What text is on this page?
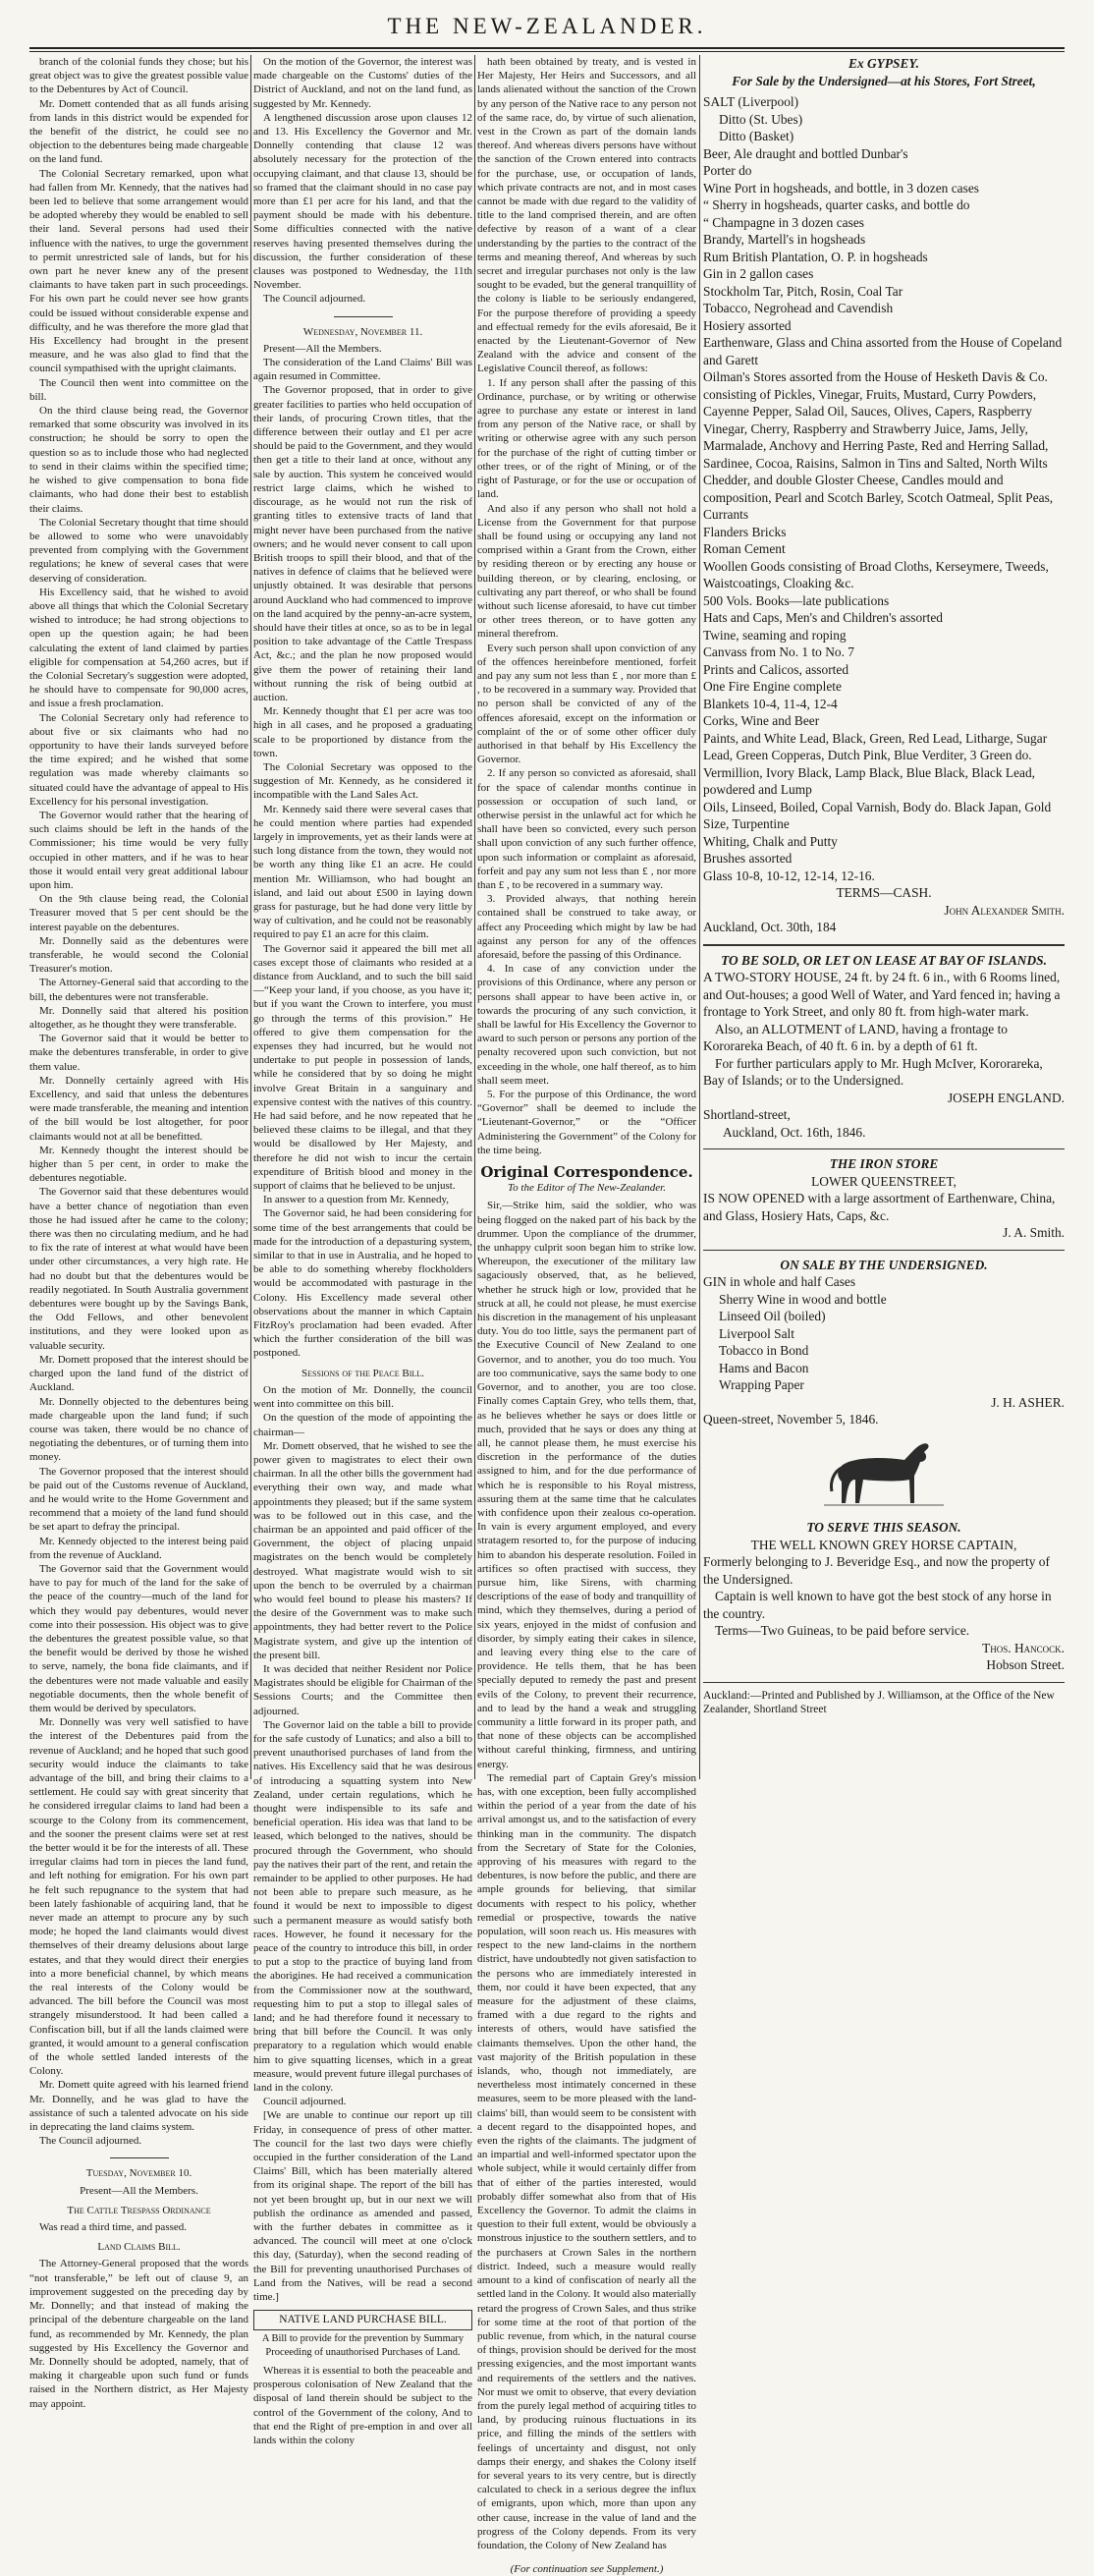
THE NEW-ZEALANDER.

branch of the colonial funds they chose; but his great object was to give the greatest possible value to the Debentures by Act of Council.

Mr. Domett contended that as all funds arising from lands in this district would be expended for the benefit of the district, he could see no objection to the debentures being made chargeable on the land fund.

The Colonial Secretary remarked, upon what had fallen from Mr. Kennedy, that the natives had been led to believe that some arrangement would be adopted whereby they would be enabled to sell their land. Several persons had used their influence with the natives, to urge the government to permit unrestricted sale of lands, but for his own part he never knew any of the present claimants to have taken part in such proceedings. For his own part he could never see how grants could be issued without considerable expense and difficulty, and he was therefore the more glad that His Excellency had brought in the present measure, and he was also glad to find that the council sympathised with the upright claimants.

The Council then went into committee on the bill.

On the third clause being read, the Governor remarked that some obscurity was involved in its construction; he should be sorry to open the question so as to include those who had neglected to send in their claims within the specified time; he wished to give compensation to bona fide claimants, who had done their best to establish their claims.

The Colonial Secretary thought that time should be allowed to some who were unavoidably prevented from complying with the Government regulations; he knew of several cases that were deserving of consideration.

His Excellency said, that he wished to avoid above all things that which the Colonial Secretary wished to introduce; he had strong objections to open up the question again; he had been calculating the extent of land claimed by parties eligible for compensation at 54,260 acres, but if the Colonial Secretary's suggestion were adopted, he should have to compensate for 90,000 acres, and issue a fresh proclamation.

The Colonial Secretary only had reference to about five or six claimants who had no opportunity to have their lands surveyed before the time expired; and he wished that some regulation was made whereby claimants so situated could have the advantage of appeal to His Excellency for his personal investigation.

The Governor would rather that the hearing of such claims should be left in the hands of the Commissioner; his time would be very fully occupied in other matters, and if he was to hear those it would entail very great additional labour upon him.

On the 9th clause being read, the Colonial Treasurer moved that 5 per cent should be the interest payable on the debentures.

Mr. Donnelly said as the debentures were transferable, he would second the Colonial Treasurer's motion.

The Attorney-General said that according to the bill, the debentures were not transferable.

Mr. Donnelly said that altered his position altogether, as he thought they were transferable.

The Governor said that it would be better to make the debentures transferable, in order to give them value.

Mr. Donnelly certainly agreed with His Excellency, and said that unless the debentures were made transferable, the meaning and intention of the bill would be lost altogether, for poor claimants would not at all be benefitted.

Mr. Kennedy thought the interest should be higher than 5 per cent, in order to make the debentures negotiable.

The Governor said that these debentures would have a better chance of negotiation than even those he had issued after he came to the colony; there was then no circulating medium, and he had to fix the rate of interest at what would have been under other circumstances, a very high rate. He had no doubt but that the debentures would be readily negotiated. In South Australia government debentures were bought up by the Savings Bank, the Odd Fellows, and other benevolent institutions, and they were looked upon as valuable security.

Mr. Domett proposed that the interest should be charged upon the land fund of the district of Auckland.

Mr. Donnelly objected to the debentures being made chargeable upon the land fund; if such course was taken, there would be no chance of negotiating the debentures, or of turning them into money.

The Governor proposed that the interest should be paid out of the Customs revenue of Auckland, and he would write to the Home Government and recommend that a moiety of the land fund should be set apart to defray the principal.

Mr. Kennedy objected to the interest being paid from the revenue of Auckland.

The Governor said that the Government would have to pay for much of the land for the sake of the peace of the country—much of the land for which they would pay debentures, would never come into their possession. His object was to give the debentures the greatest possible value, so that the benefit would be derived by those he wished to serve, namely, the bona fide claimants, and if the debentures were not made valuable and easily negotiable documents, then the whole benefit of them would be derived by speculators.

Mr. Donnelly was very well satisfied to have the interest of the Debentures paid from the revenue of Auckland; and he hoped that such good security would induce the claimants to take advantage of the bill, and bring their claims to a settlement. He could say with great sincerity that he considered irregular claims to land had been a scourge to the Colony from its commencement, and the sooner the present claims were set at rest the better would it be for the interests of all. These irregular claims had torn in pieces the land fund, and left nothing for emigration. For his own part he felt such repugnance to the system that had been lately fashionable of acquiring land, that he never made an attempt to procure any by such mode; he hoped the land claimants would divest themselves of their dreamy delusions about large estates, and that they would direct their energies into a more beneficial channel, by which means the real interests of the Colony would be advanced. The bill before the Council was most strangely misunderstood. It had been called a Confiscation bill, but if all the lands claimed were granted, it would amount to a general confiscation of the whole settled landed interests of the Colony.

Mr. Domett quite agreed with his learned friend Mr. Donnelly, and he was glad to have the assistance of such a talented advocate on his side in deprecating the land claims system.

The Council adjourned.

Tuesday, November 10.

Present—All the Members.

The Cattle Trespass Ordinance

Was read a third time, and passed.

Land Claims Bill.

The Attorney-General proposed that the words “not transferable,” be left out of clause 9, an improvement suggested on the preceding day by Mr. Donnelly; and that instead of making the principal of the debenture chargeable on the land fund, as recommended by Mr. Kennedy, the plan suggested by His Excellency the Governor and Mr. Donnelly should be adopted, namely, that of making it chargeable upon such fund or funds raised in the Northern district, as Her Majesty may appoint.

On the motion of the Governor, the interest was made chargeable on the Customs' duties of the District of Auckland, and not on the land fund, as suggested by Mr. Kennedy.

A lengthened discussion arose upon clauses 12 and 13. His Excellency the Governor and Mr. Donnelly contending that clause 12 was absolutely necessary for the protection of the occupying claimant, and that clause 13, should be so framed that the claimant should in no case pay more than £1 per acre for his land, and that the payment should be made with his debenture. Some difficulties connected with the native reserves having presented themselves during the discussion, the further consideration of these clauses was postponed to Wednesday, the 11th November.

The Council adjourned.

Wednesday, November 11.

Present—All the Members.

The consideration of the Land Claims' Bill was again resumed in Committee.

The Governor proposed, that in order to give greater facilities to parties who held occupation of their lands, of procuring Crown titles, that the difference between their outlay and £1 per acre should be paid to the Government, and they would then get a title to their land at once, without any sale by auction. This system he conceived would restrict large claims, which he wished to discourage, as he would not run the risk of granting titles to extensive tracts of land that might never have been purchased from the native owners; and he would never consent to call upon British troops to spill their blood, and that of the natives in defence of claims that he believed were unjustly obtained. It was desirable that persons around Auckland who had commenced to improve on the land acquired by the penny-an-acre system, should have their titles at once, so as to be in legal position to take advantage of the Cattle Trespass Act, &c.; and the plan he now proposed would give them the power of retaining their land without running the risk of being outbid at auction.

Mr. Kennedy thought that £1 per acre was too high in all cases, and he proposed a graduating scale to be proportioned by distance from the town.

The Colonial Secretary was opposed to the suggestion of Mr. Kennedy, as he considered it incompatible with the Land Sales Act.

Mr. Kennedy said there were several cases that he could mention where parties had expended largely in improvements, yet as their lands were at such long distance from the town, they would not be worth any thing like £1 an acre. He could mention Mr. Williamson, who had bought an island, and laid out about £500 in laying down grass for pasturage, but he had done very little by way of cultivation, and he could not be reasonably required to pay £1 an acre for this claim.

The Governor said it appeared the bill met all cases except those of claimants who resided at a distance from Auckland, and to such the bill said—“Keep your land, if you choose, as you have it; but if you want the Crown to interfere, you must go through the terms of this provision.” He offered to give them compensation for the expenses they had incurred, but he would not undertake to put people in possession of lands, while he considered that by so doing he might involve Great Britain in a sanguinary and expensive contest with the natives of this country. He had said before, and he now repeated that he believed these claims to be illegal, and that they would be disallowed by Her Majesty, and therefore he did not wish to incur the certain expenditure of British blood and money in the support of claims that he believed to be unjust.

In answer to a question from Mr. Kennedy,

The Governor said, he had been considering for some time of the best arrangements that could be made for the introduction of a depasturing system, similar to that in use in Australia, and he hoped to be able to do something whereby flockholders would be accommodated with pasturage in the Colony. His Excellency made several other observations about the manner in which Captain FitzRoy's proclamation had been evaded. After which the further consideration of the bill was postponed.

Sessions of the Peace Bill.

On the motion of Mr. Donnelly, the council went into committee on this bill.

On the question of the mode of appointing the chairman—

Mr. Domett observed, that he wished to see the power given to magistrates to elect their own chairman. In all the other bills the government had everything their own way, and made what appointments they pleased; but if the same system was to be followed out in this case, and the chairman be an appointed and paid officer of the Government, the object of placing unpaid magistrates on the bench would be completely destroyed. What magistrate would wish to sit upon the bench to be overruled by a chairman who would feel bound to please his masters? If the desire of the Government was to make such appointments, they had better revert to the Police Magistrate system, and give up the intention of the present bill.

It was decided that neither Resident nor Police Magistrates should be eligible for Chairman of the Sessions Courts; and the Committee then adjourned.

The Governor laid on the table a bill to provide for the safe custody of Lunatics; and also a bill to prevent unauthorised purchases of land from the natives. His Excellency said that he was desirous of introducing a squatting system into New Zealand, under certain regulations, which he thought were indispensible to its safe and beneficial operation. His idea was that land to be leased, which belonged to the natives, should be procured through the Government, who should pay the natives their part of the rent, and retain the remainder to be applied to other purposes. He had not been able to prepare such measure, as he found it would be next to impossible to digest such a permanent measure as would satisfy both races. However, he found it necessary for the peace of the country to introduce this bill, in order to put a stop to the practice of buying land from the aborigines. He had received a communication from the Commissioner now at the southward, requesting him to put a stop to illegal sales of land; and he had therefore found it necessary to bring that bill before the Council. It was only preparatory to a regulation which would enable him to give squatting licenses, which in a great measure, would prevent future illegal purchases of land in the colony.

Council adjourned.

[We are unable to continue our report up till Friday, in consequence of press of other matter. The council for the last two days were chiefly occupied in the further consideration of the Land Claims' Bill, which has been materially altered from its original shape. The report of the bill has not yet been brought up, but in our next we will publish the ordinance as amended and passed, with the further debates in committee as it advanced. The council will meet at one o'clock this day, (Saturday), when the second reading of the Bill for preventing unauthorised Purchases of Land from the Natives, will be read a second time.]

NATIVE LAND PURCHASE BILL.
A Bill to provide for the prevention by Summary Proceeding of unauthorised Purchases of Land.

Whereas it is essential to both the peaceable and prosperous colonisation of New Zealand that the disposal of land therein should be subject to the control of the Government of the colony, And to that end the Right of pre-emption in and over all lands within the colony

hath been obtained by treaty, and is vested in Her Majesty, Her Heirs and Successors, and all lands alienated without the sanction of the Crown by any person of the Native race to any person not of the same race, do, by virtue of such alienation, vest in the Crown as part of the domain lands thereof. And whereas divers persons have without the sanction of the Crown entered into contracts for the purchase, use, or occupation of lands, which private contracts are not, and in most cases cannot be made with due regard to the validity of title to the land comprised therein, and are often defective by reason of a want of a clear understanding by the parties to the contract of the terms and meaning thereof, And whereas by such secret and irregular purchases not only is the law sought to be evaded, but the general tranquillity of the colony is liable to be seriously endangered, For the purpose therefore of providing a speedy and effectual remedy for the evils aforesaid, Be it enacted by the Lieutenant-Governor of New Zealand with the advice and consent of the Legislative Council thereof, as follows:

1. If any person shall after the passing of this Ordinance, purchase, or by writing or otherwise agree to purchase any estate or interest in land from any person of the Native race, or shall by writing or otherwise agree with any such person for the purchase of the right of cutting timber or other trees, or of the right of Mining, or of the right of Pasturage, or for the use or occupation of land.

And also if any person who shall not hold a License from the Government for that purpose shall be found using or occupying any land not comprised within a Grant from the Crown, either by residing thereon or by erecting any house or building thereon, or by clearing, enclosing, or cultivating any part thereof, or who shall be found without such license aforesaid, to have cut timber or other trees thereon, or to have gotten any mineral therefrom.

Every such person shall upon conviction of any of the offences hereinbefore mentioned, forfeit and pay any sum not less than £ , nor more than £ , to be recovered in a summary way. Provided that no person shall be convicted of any of the offences aforesaid, except on the information or complaint of the or of some other officer duly authorised in that behalf by His Excellency the Governor.

2. If any person so convicted as aforesaid, shall for the space of calendar months continue in possession or occupation of such land, or otherwise persist in the unlawful act for which he shall have been so convicted, every such person shall upon conviction of any such further offence, upon such information or complaint as aforesaid, forfeit and pay any sum not less than £ , nor more than £ , to be recovered in a summary way.

3. Provided always, that nothing herein contained shall be construed to take away, or affect any Proceeding which might by law be had against any person for any of the offences aforesaid, before the passing of this Ordinance.

4. In case of any conviction under the provisions of this Ordinance, where any person or persons shall appear to have been active in, or towards the procuring of any such conviction, it shall be lawful for His Excellency the Governor to award to such person or persons any portion of the penalty recovered upon such conviction, but not exceeding in the whole, one half thereof, as to him shall seem meet.

5. For the purpose of this Ordinance, the word “Governor” shall be deemed to include the “Lieutenant-Governor,” or the “Officer Administering the Government” of the Colony for the time being.

Original Correspondence.
To the Editor of The New-Zealander.

Sir,—Strike him, said the soldier, who was being flogged on the naked part of his back by the drummer. Upon the compliance of the drummer, the unhappy culprit soon began him to strike low. Whereupon, the executioner of the military law sagaciously observed, that, as he believed, whether he struck high or low, provided that he struck at all, he could not please, he must exercise his discretion in the management of his unpleasant duty. You do too little, says the permanent part of the Executive Council of New Zealand to one Governor, and to another, you do too much. You are too communicative, says the same body to one Governor, and to another, you are too close. Finally comes Captain Grey, who tells them, that, as he believes whether he says or does little or much, provided that he says or does any thing at all, he cannot please them, he must exercise his discretion in the performance of the duties assigned to him, and for the due performance of which he is responsible to his Royal mistress, assuring them at the same time that he calculates with confidence upon their zealous co-operation. In vain is every argument employed, and every stratagem resorted to, for the purpose of inducing him to abandon his desperate resolution. Foiled in artifices so often practised with success, they pursue him, like Sirens, with charming descriptions of the ease of body and tranquillity of mind, which they themselves, during a period of six years, enjoyed in the midst of confusion and disorder, by simply eating their cakes in silence, and leaving every thing else to the care of providence. He tells them, that he has been specially deputed to remedy the past and present evils of the Colony, to prevent their recurrence, and to lead by the hand a weak and struggling community a little forward in its proper path, and that none of these objects can be accomplished without careful thinking, firmness, and untiring energy.

The remedial part of Captain Grey's mission has, with one exception, been fully accomplished within the period of a year from the date of his arrival amongst us, and to the satisfaction of every thinking man in the community. The dispatch from the Secretary of State for the Colonies, approving of his measures with regard to the debentures, is now before the public, and there are ample grounds for believing, that similar documents with respect to his policy, whether remedial or prospective, towards the native population, will soon reach us. His measures with respect to the new land-claims in the northern district, have undoubtedly not given satisfaction to the persons who are immediately interested in them, nor could it have been expected, that any measure for the adjustment of these claims, framed with a due regard to the rights and interests of others, would have satisfied the claimants themselves. Upon the other hand, the vast majority of the British population in these islands, who, though not immediately, are nevertheless most intimately concerned in these measures, seem to be more pleased with the land-claims' bill, than would seem to be consistent with a decent regard to the disappointed hopes, and even the rights of the claimants. The judgment of an impartial and well-informed spectator upon the whole subject, while it would certainly differ from that of either of the parties interested, would probably differ somewhat also from that of His Excellency the Governor. To admit the claims in question to their full extent, would be obviously a monstrous injustice to the southern settlers, and to the purchasers at Crown Sales in the northern district. Indeed, such a measure would really amount to a kind of confiscation of nearly all the settled land in the Colony. It would also materially retard the progress of Crown Sales, and thus strike for some time at the root of that portion of the public revenue, from which, in the natural course of things, provision should be derived for the most pressing exigencies, and the most important wants and requirements of the settlers and the natives. Nor must we omit to observe, that every deviation from the purely legal method of acquiring titles to land, by producing ruinous fluctuations in its price, and filling the minds of the settlers with feelings of uncertainty and disgust, not only damps their energy, and shakes the Colony itself for several years to its very centre, but is directly calculated to check in a serious degree the influx of emigrants, upon which, more than upon any other cause, increase in the value of land and the progress of the Colony depends. From its very foundation, the Colony of New Zealand has

(For continuation see Supplement.)

Ex GYPSEY.

For Sale by the Undersigned—at his Stores, Fort Street,

SALT (Liverpool)

Ditto (St. Ubes)

Ditto (Basket)

Beer, Ale draught and bottled Dunbar's

Porter do

Wine Port in hogsheads, and bottle, in 3 dozen cases

“ Sherry in hogsheads, quarter casks, and bottle do

“ Champagne in 3 dozen cases

Brandy, Martell's in hogsheads

Rum British Plantation, O. P. in hogsheads

Gin in 2 gallon cases

Stockholm Tar, Pitch, Rosin, Coal Tar

Tobacco, Negrohead and Cavendish

Hosiery assorted

Earthenware, Glass and China assorted from the House of Copeland and Garett

Oilman's Stores assorted from the House of Hesketh Davis & Co. consisting of Pickles, Vinegar, Fruits, Mustard, Curry Powders, Cayenne Pepper, Salad Oil, Sauces, Olives, Capers, Raspberry Vinegar, Cherry, Raspberry and Strawberry Juice, Jams, Jelly, Marmalade, Anchovy and Herring Paste, Red and Herring Sallad, Sardinee, Cocoa, Raisins, Salmon in Tins and Salted, North Wilts Chedder, and double Gloster Cheese, Candles mould and composition, Pearl and Scotch Barley, Scotch Oatmeal, Split Peas, Currants

Flanders Bricks

Roman Cement

Woollen Goods consisting of Broad Cloths, Kerseymere, Tweeds, Waistcoatings, Cloaking &c.

500 Vols. Books—late publications

Hats and Caps, Men's and Children's assorted

Twine, seaming and roping

Canvass from No. 1 to No. 7

Prints and Calicos, assorted

One Fire Engine complete

Blankets 10-4, 11-4, 12-4

Corks, Wine and Beer

Paints, and White Lead, Black, Green, Red Lead, Litharge, Sugar Lead, Green Copperas, Dutch Pink, Blue Verditer, 3 Green do. Vermillion, Ivory Black, Lamp Black, Blue Black, Black Lead, powdered and Lump

Oils, Linseed, Boiled, Copal Varnish, Body do. Black Japan, Gold Size, Turpentine

Whiting, Chalk and Putty

Brushes assorted

Glass 10-8, 10-12, 12-14, 12-16.

TERMS—CASH.

John Alexander Smith.

Auckland, Oct. 30th, 184

TO BE SOLD, OR LET ON LEASE AT BAY OF ISLANDS.

A TWO-STORY HOUSE, 24 ft. by 24 ft. 6 in., with 6 Rooms lined, and Out-houses; a good Well of Water, and Yard fenced in; having a frontage to York Street, and only 80 ft. from high-water mark.

Also, an ALLOTMENT of LAND, having a frontage to Kororareka Beach, of 40 ft. 6 in. by a depth of 61 ft.

For further particulars apply to Mr. Hugh McIver, Kororareka, Bay of Islands; or to the Undersigned.

JOSEPH ENGLAND.

Shortland-street,

Auckland, Oct. 16th, 1846.

THE IRON STORE

LOWER QUEENSTREET,

IS NOW OPENED with a large assortment of Earthenware, China, and Glass, Hosiery Hats, Caps, &c.

J. A. Smith.

ON SALE BY THE UNDERSIGNED.

GIN in whole and half Cases

Sherry Wine in wood and bottle

Linseed Oil (boiled)

Liverpool Salt

Tobacco in Bond

Hams and Bacon

Wrapping Paper

J. H. ASHER.

Queen-street, November 5, 1846.

TO SERVE THIS SEASON.

THE WELL KNOWN GREY HORSE CAPTAIN,

Formerly belonging to J. Beveridge Esq., and now the property of the Undersigned.

Captain is well known to have got the best stock of any horse in the country.

Terms—Two Guineas, to be paid before service.

Thos. Hancock.

Hobson Street.

Auckland:—Printed and Published by J. Williamson, at the Office of the New Zealander, Shortland Street
